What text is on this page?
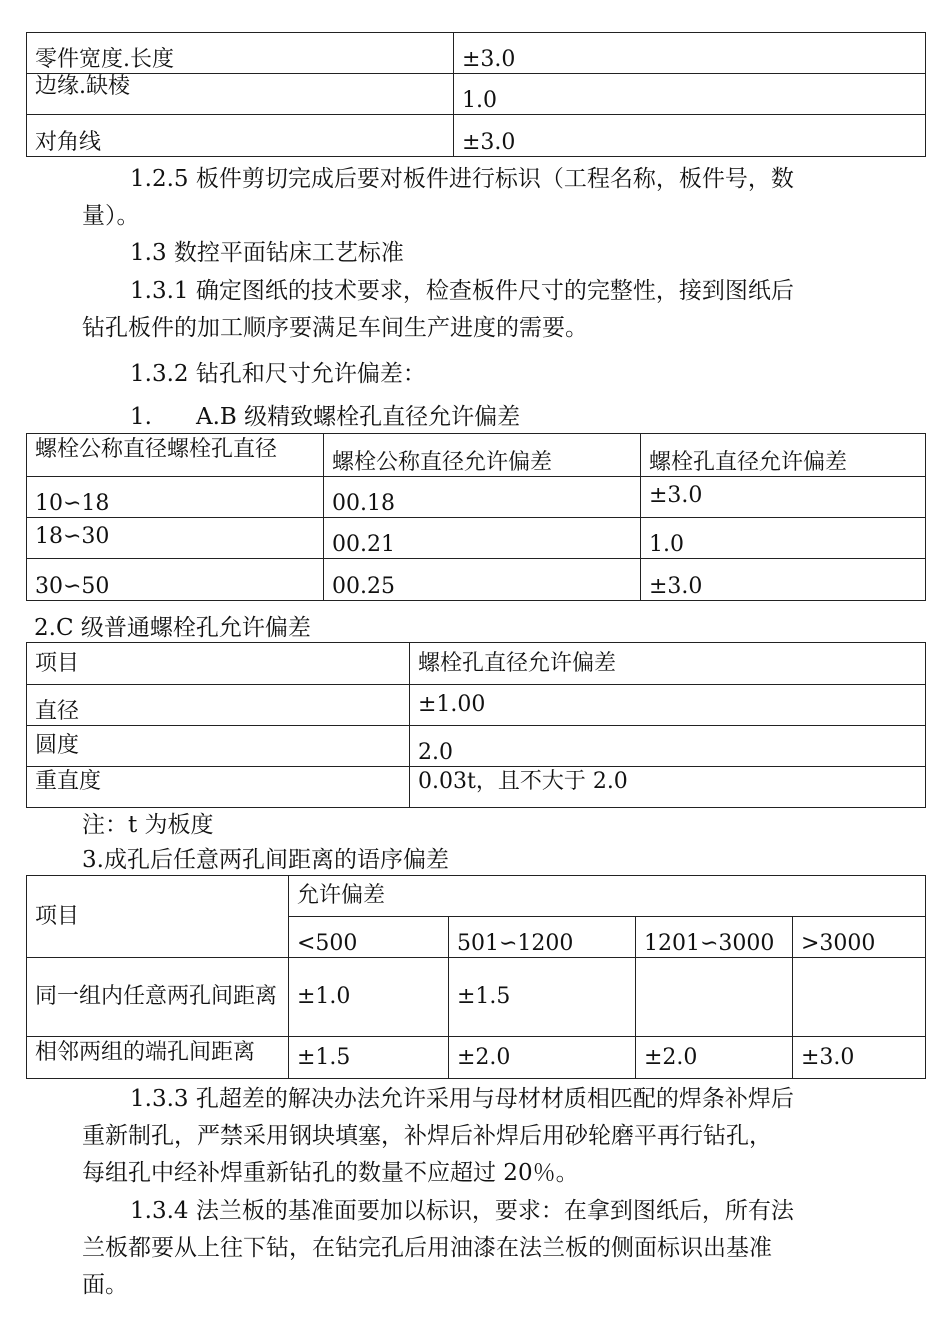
零件宽度.长度	±3.0
边缘.缺棱	1.0
对角线	±3.0

1.2.5 板件剪切完成后要对板件进行标识（工程名称，板件号，数

量）。

1.3 数控平面钻床工艺标准

1.3.1 确定图纸的技术要求，检查板件尺寸的完整性，接到图纸后

钻孔板件的加工顺序要满足车间生产进度的需要。

1.3.2 钻孔和尺寸允许偏差：

1. A.B 级精致螺栓孔直径允许偏差

螺栓公称直径螺栓孔直径	螺栓公称直径允许偏差	螺栓孔直径允许偏差
10∽18	00.18	±3.0
18∽30	00.21	1.0
30∽50	00.25	±3.0

2.C 级普通螺栓孔允许偏差

项目	螺栓孔直径允许偏差
直径	±1.00
圆度	2.0
重直度	0.03t，且不大于 2.0

注：t 为板度

3.成孔后任意两孔间距离的语序偏差

项目	允许偏差			
	<500	501∽1200	1201∽3000	>3000
同一组内任意两孔间距离	±1.0	±1.5		
相邻两组的端孔间距离	±1.5	±2.0	±2.0	±3.0

1.3.3 孔超差的解决办法允许采用与母材材质相匹配的焊条补焊后

重新制孔，严禁采用钢块填塞，补焊后补焊后用砂轮磨平再行钻孔，

每组孔中经补焊重新钻孔的数量不应超过 20％。

1.3.4 法兰板的基准面要加以标识，要求：在拿到图纸后，所有法

兰板都要从上往下钻，在钻完孔后用油漆在法兰板的侧面标识出基准

面。
